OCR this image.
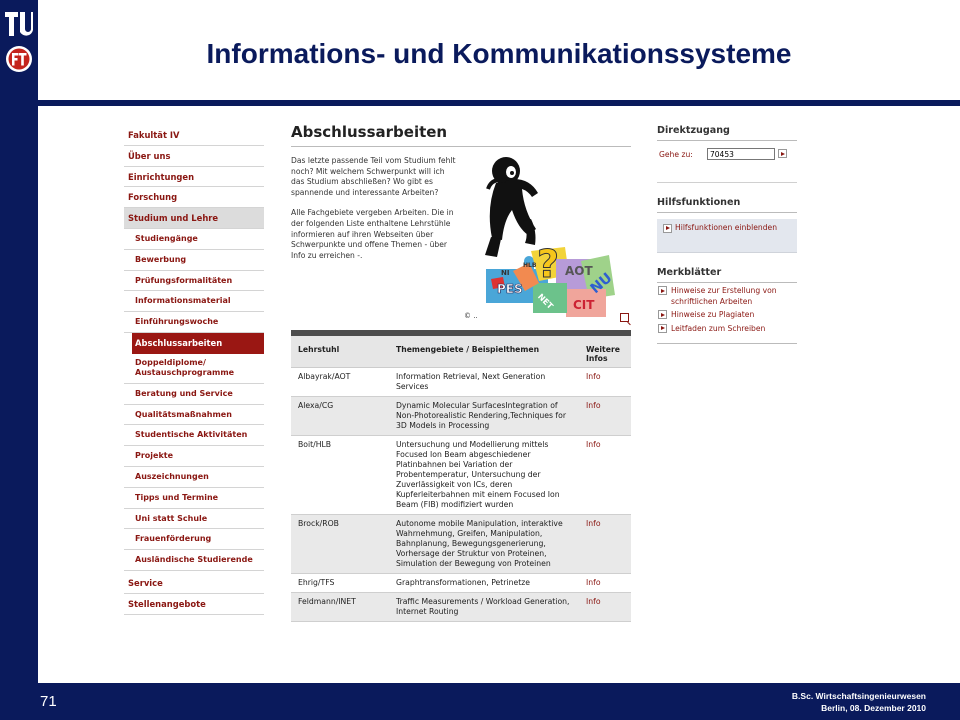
Informations- und Kommunikationssysteme
71	B.Sc. Wirtschaftsingenieurwesen
Berlin, 08. Dezember 2010
Fakultät IV
Über uns
Einrichtungen
Forschung
Studium und Lehre
Studiengänge
Bewerbung
Prüfungsformalitäten
Informationsmaterial
Einführungswoche
Abschlussarbeiten
Doppeldiplome/ Austauschprogramme
Beratung und Service
Qualitätsmaßnahmen
Studentische Aktivitäten
Projekte
Auszeichnungen
Tipps und Termine
Uni statt Schule
Frauenförderung
Ausländische Studierende
Service
Stellenangebote
Abschlussarbeiten

Das letzte passende Teil vom Studium fehlt noch? Mit welchem Schwerpunkt will ich das Studium abschließen? Wo gibt es spannende und interessante Arbeiten?

Alle Fachgebiete vergeben Arbeiten. Die in der folgenden Liste enthaltene Lehrstühle informieren auf ihren Webseiten über Schwerpunkte und offene Themen - über Info zu erreichen -.	? AOT
PES	NU
CIT
NET
NI
HLB
© ..
Lehrstuhl	Themengebiete / Beispielthemen	Weitere Infos
Albayrak/AOT	Information Retrieval, Next Generation Services	Info
Alexa/CG	Dynamic Molecular SurfacesIntegration of Non-Photorealistic Rendering,Techniques for 3D Models in Processing	Info
Boit/HLB	Untersuchung und Modellierung mittels Focused Ion Beam abgeschiedener Platinbahnen bei Variation der Probentemperatur, Untersuchung der Zuverlässigkeit von ICs, deren Kupferleiterbahnen mit einem Focused Ion Beam (FIB) modifiziert wurden	Info
Brock/ROB	Autonome mobile Manipulation, interaktive Wahrnehmung, Greifen, Manipulation, Bahnplanung, Bewegungsgenerierung, Vorhersage der Struktur von Proteinen, Simulation der Bewegung von Proteinen	Info
Ehrig/TFS	Graphtransformationen, Petrinetze	Info
Feldmann/INET	Traffic Measurements / Workload Generation, Internet Routing	Info
Direktzugang
Gehe zu:
70453
Hilfsfunktionen
Hilfsfunktionen einblenden
Merkblätter
Hinweise zur Erstellung von schriftlichen Arbeiten
Hinweise zu Plagiaten
Leitfaden zum Schreiben
